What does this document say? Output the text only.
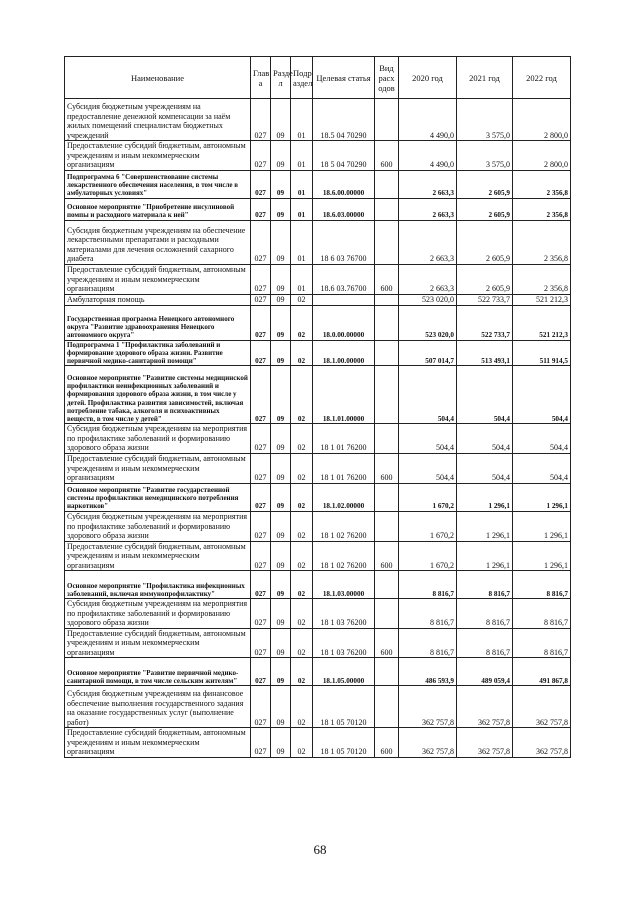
Наименование	Глав а	Разде л	Подр аздел	Целевая статья	Вид расх одов	2020 год	2021 год	2022 год
Субсидия бюджетным учреждениям на предоставление денежной компенсации за наём жилых помещений специалистам бюджетных учреждений	027	09	01	18.5 04 70290		4 490,0	3 575,0	2 800,0
Предоставление субсидий бюджетным, автономным учреждениям и иным некоммерческим организациям	027	09	01	18 5 04 70290	600	4 490,0	3 575,0	2 800,0
Подпрограмма 6 "Совершенствование системы лекарственного обеспечения населения, в том числе в амбулаторных условиях"	027	09	01	18.6.00.00000		2 663,3	2 605,9	2 356,8
Основное мероприятие "Приобретение инсулиновой помпы и расходного материала к ней"	027	09	01	18.6.03.00000		2 663,3	2 605,9	2 356,8
Субсидия бюджетным учреждениям на обеспечение лекарственными препаратами и расходными материалами для лечения осложнений сахарного диабета	027	09	01	18 6 03 76700		2 663,3	2 605,9	2 356,8
Предоставление субсидий бюджетным, автономным учреждениям и иным некоммерческим организациям	027	09	01	18.6 03.76700	600	2 663,3	2 605,9	2 356,8
Амбулаторная помощь	027	09	02			523 020,0	522 733,7	521 212,3
Государственная программа Ненецкого автономного округа "Развитие здравоохранения Ненецкого автономного округа"	027	09	02	18.0.00.00000		523 020,0	522 733,7	521 212,3
Подпрограмма 1 "Профилактика заболеваний и формирование здорового образа жизни. Развитие первичной медико-санитарной помощи"	027	09	02	18.1.00.00000		507 014,7	513 493,1	511 914,5
Основное мероприятие "Развитие системы медицинской профилактики неинфекционных заболеваний и формирования здорового образа жизни, в том числе у детей. Профилактика развития зависимостей, включая потребление табака, алкоголя и психоактивных веществ, в том числе у детей"	027	09	02	18.1.01.00000		504,4	504,4	504,4
Субсидия бюджетным учреждениям на мероприятия по профилактике заболеваний и формированию здорового образа жизни	027	09	02	18 1 01 76200		504,4	504,4	504,4
Предоставление субсидий бюджетным, автономным учреждениям и иным некоммерческим организациям	027	09	02	18 1 01 76200	600	504,4	504,4	504,4
Основное мероприятие "Развитие государственной системы профилактики немедицинского потребления наркотиков"	027	09	02	18.1.02.00000		1 670,2	1 296,1	1 296,1
Субсидия бюджетным учреждениям на мероприятия по профилактике заболеваний и формированию здорового образа жизни	027	09	02	18 1 02 76200		1 670,2	1 296,1	1 296,1
Предоставление субсидий бюджетным, автономным учреждениям и иным некоммерческим организациям	027	09	02	18 1 02 76200	600	1 670,2	1 296,1	1 296,1
Основное мероприятие "Профилактика инфекционных заболеваний, включая иммунопрофилактику"	027	09	02	18.1.03.00000		8 816,7	8 816,7	8 816,7
Субсидия бюджетным учреждениям на мероприятия по профилактике заболеваний и формированию здорового образа жизни	027	09	02	18 1 03 76200		8 816,7	8 816,7	8 816,7
Предоставление субсидий бюджетным, автономным учреждениям и иным некоммерческим организациям	027	09	02	18 1 03 76200	600	8 816,7	8 816,7	8 816,7
Основное мероприятие "Развитие первичной медико-санитарной помощи, в том числе сельским жителям"	027	09	02	18.1.05.00000		486 593,9	489 059,4	491 867,8
Субсидия бюджетным учреждениям на финансовое обеспечение выполнения государственного задания на оказание государственных услуг (выполнение работ)	027	09	02	18 1 05 70120		362 757,8	362 757,8	362 757,8
Предоставление субсидий бюджетным, автономным учреждениям и иным некоммерческим организациям	027	09	02	18 1 05 70120	600	362 757,8	362 757,8	362 757,8
68
